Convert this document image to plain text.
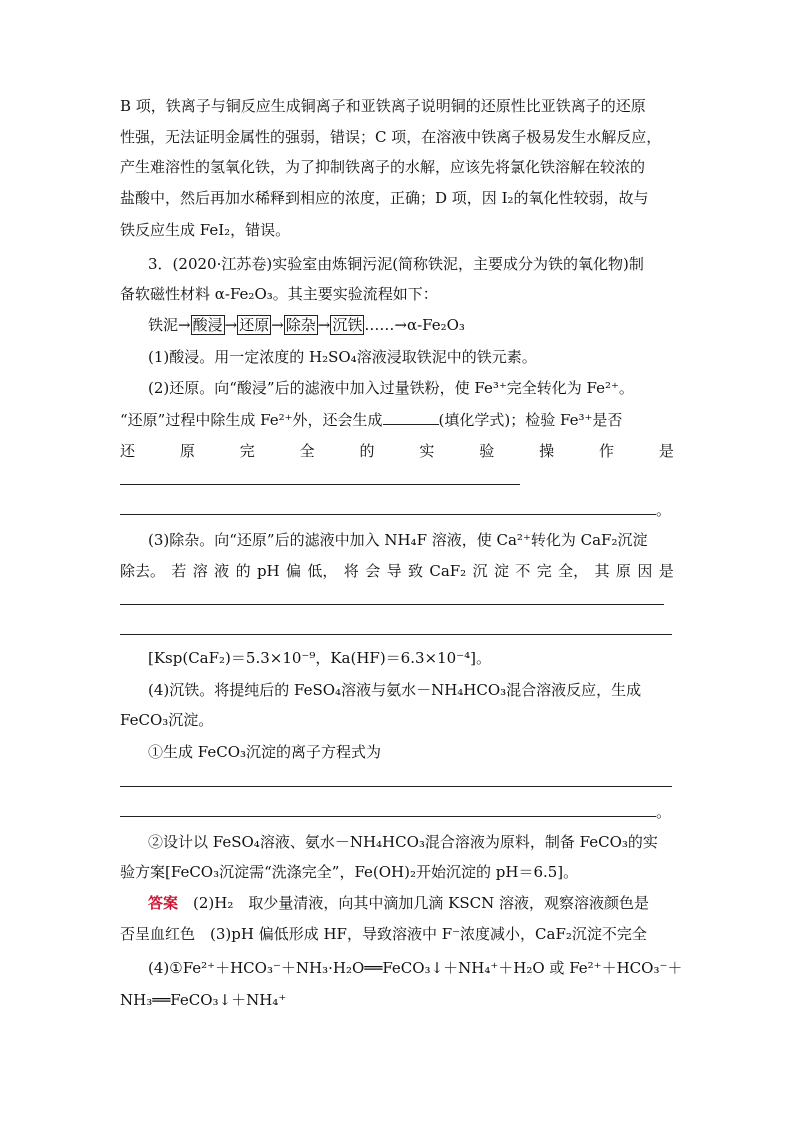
B 项，铁离子与铜反应生成铜离子和亚铁离子说明铜的还原性比亚铁离子的还原
性强，无法证明金属性的强弱，错误；C 项，在溶液中铁离子极易发生水解反应，
产生难溶性的氢氧化铁，为了抑制铁离子的水解，应该先将氯化铁溶解在较浓的
盐酸中，然后再加水稀释到相应的浓度，正确；D 项，因 I₂的氧化性较弱，故与
铁反应生成 FeI₂，错误。
3．(2020·江苏卷)实验室由炼铜污泥(简称铁泥，主要成分为铁的氧化物)制
备软磁性材料 α-Fe₂O₃。其主要实验流程如下：
铁泥→ 酸浸 → 还原 → 除杂 → 沉铁 ……→α-Fe₂O₃
(1)酸浸。用一定浓度的 H₂SO₄溶液浸取铁泥中的铁元素。
(2)还原。向“酸浸”后的滤液中加入过量铁粉，使 Fe³⁺完全转化为 Fe²⁺。
“还原”过程中除生成 Fe²⁺外，还会生成	(填化学式)；检验 Fe³⁺是否
还	原	完	全	的	实	验	操	作	是
。
(3)除杂。向“还原”后的滤液中加入 NH₄F 溶液，使 Ca²⁺转化为 CaF₂沉淀
除去。 若 溶 液 的 pH 偏 低， 将 会 导 致 CaF₂ 沉 淀 不 完 全， 其 原 因 是
[Ksp(CaF₂)＝5.3×10⁻⁹，Ka(HF)＝6.3×10⁻⁴]。
(4)沉铁。将提纯后的 FeSO₄溶液与氨水－NH₄HCO₃混合溶液反应，生成
FeCO₃沉淀。
①生成 FeCO₃沉淀的离子方程式为
。
②设计以 FeSO₄溶液、氨水－NH₄HCO₃混合溶液为原料，制备 FeCO₃的实
验方案[FeCO₃沉淀需“洗涤完全”，Fe(OH)₂开始沉淀的 pH＝6.5]。
答案　 (2)H₂　取少量清液，向其中滴加几滴 KSCN 溶液，观察溶液颜色是
否呈血红色　(3)pH 偏低形成 HF，导致溶液中 F⁻浓度减小，CaF₂沉淀不完全
(4)①Fe²⁺＋HCO₃⁻＋NH₃·H₂O══FeCO₃↓＋NH₄⁺＋H₂O 或 Fe²⁺＋HCO₃⁻＋
NH₃══FeCO₃↓＋NH₄⁺
